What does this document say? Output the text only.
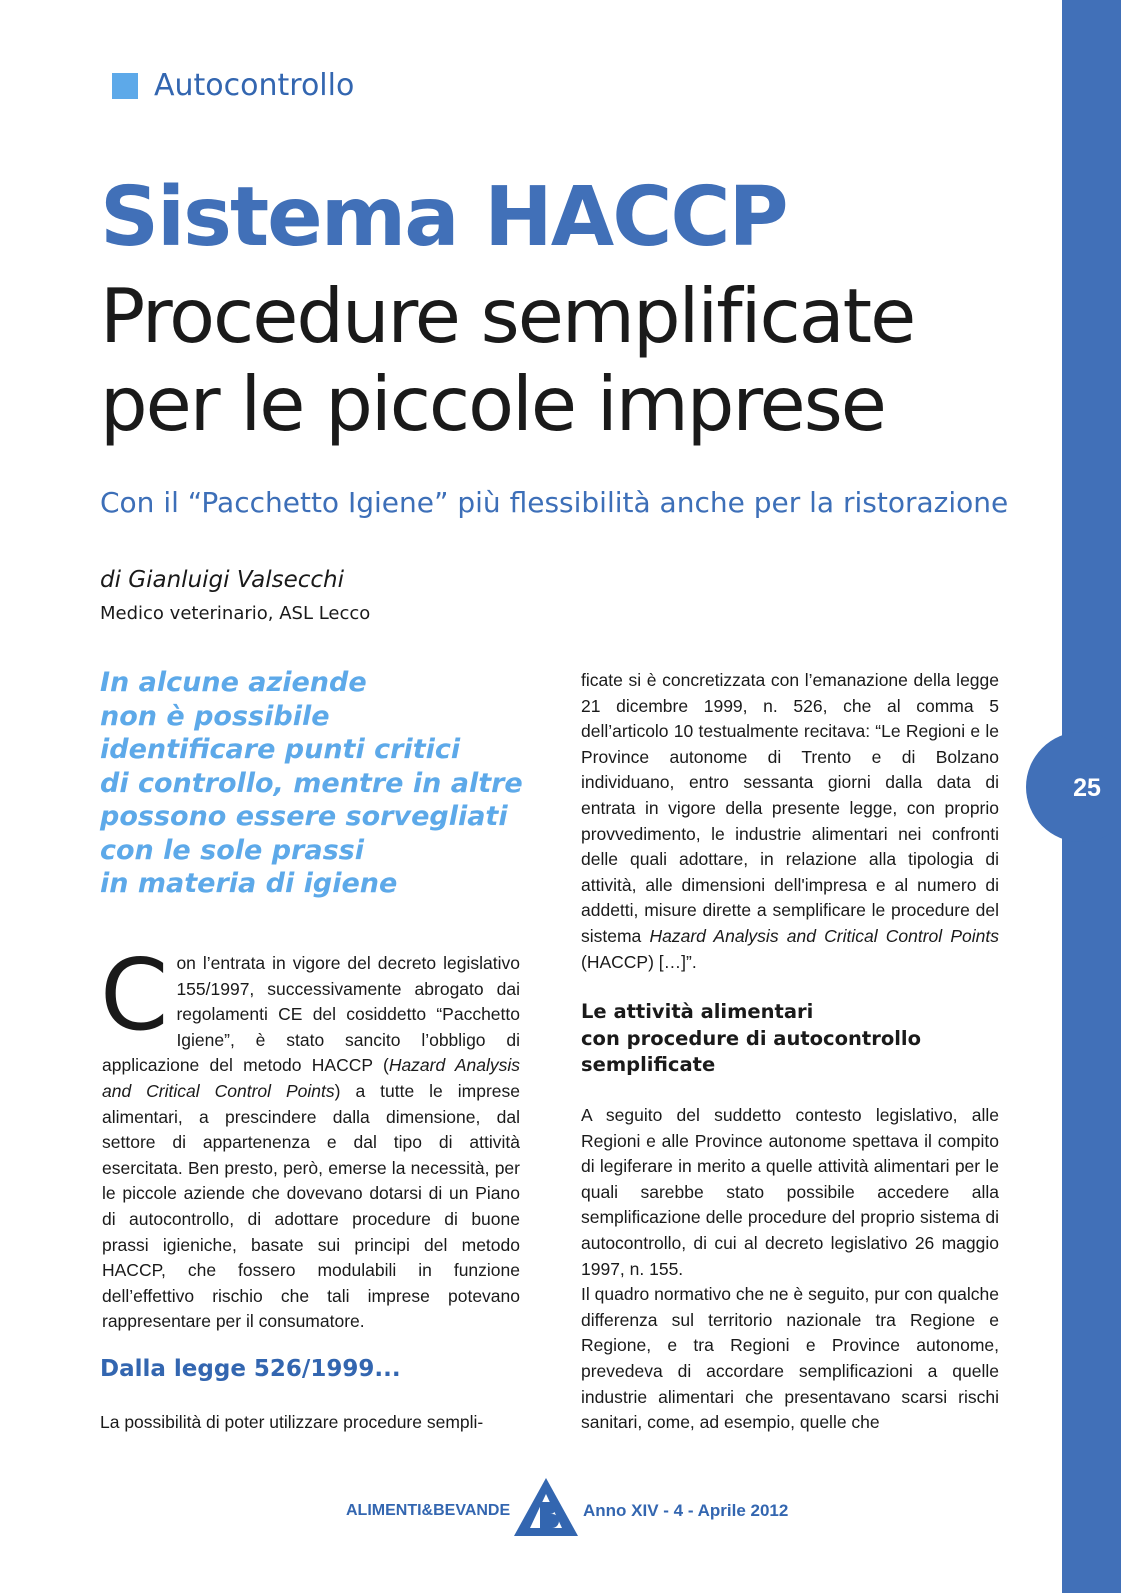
25
Autocontrollo
Sistema HACCP
Procedure semplificate per le piccole imprese
Con il “Pacchetto Igiene” più flessibilità anche per la ristorazione
di Gianluigi Valsecchi
Medico veterinario, ASL Lecco
In alcune aziende
non è possibile
identificare punti critici
di controllo, mentre in altre
possono essere sorvegliati
con le sole prassi
in materia di igiene
C on l’entrata in vigore del decreto legislativo 155/1997, successivamente abrogato dai regolamenti CE del cosiddetto “Pacchetto Igiene”, è stato sancito l’obbligo di applicazione del metodo HACCP (Hazard Analysis and Critical Control Points) a tutte le imprese alimentari, a prescindere dalla dimensione, dal settore di appartenenza e dal tipo di attività esercitata. Ben presto, però, emerse la necessità, per le piccole aziende che dovevano dotarsi di un Piano di autocontrollo, di adottare procedure di buone prassi igieniche, basate sui principi del metodo HACCP, che fossero modulabili in funzione dell’effettivo rischio che tali imprese potevano rappresentare per il consumatore.

Dalla legge 526/1999...

La possibilità di poter utilizzare procedure sempli-

ficate si è concretizzata con l’emanazione della legge 21 dicembre 1999, n. 526, che al comma 5 dell’articolo 10 testualmente recitava: “Le Regioni e le Province autonome di Trento e di Bolzano individuano, entro sessanta giorni dalla data di entrata in vigore della presente legge, con proprio provvedimento, le industrie alimentari nei confronti delle quali adottare, in relazione alla tipologia di attività, alle dimensioni dell'impresa e al numero di addetti, misure dirette a semplificare le procedure del sistema Hazard Analysis and Critical Control Points (HACCP) […]”.

Le attività alimentari
con procedure di autocontrollo
semplificate

A seguito del suddetto contesto legislativo, alle Regioni e alle Province autonome spettava il compito di legiferare in merito a quelle attività alimentari per le quali sarebbe stato possibile accedere alla semplificazione delle procedure del proprio sistema di autocontrollo, di cui al decreto legislativo 26 maggio 1997, n. 155.

Il quadro normativo che ne è seguito, pur con qualche differenza sul territorio nazionale tra Regione e Regione, e tra Regioni e Province autonome, prevedeva di accordare semplificazioni a quelle industrie alimentari che presentavano scarsi rischi sanitari, come, ad esempio, quelle che

ALIMENTI&BEVANDE	Anno XIV - 4 - Aprile 2012
